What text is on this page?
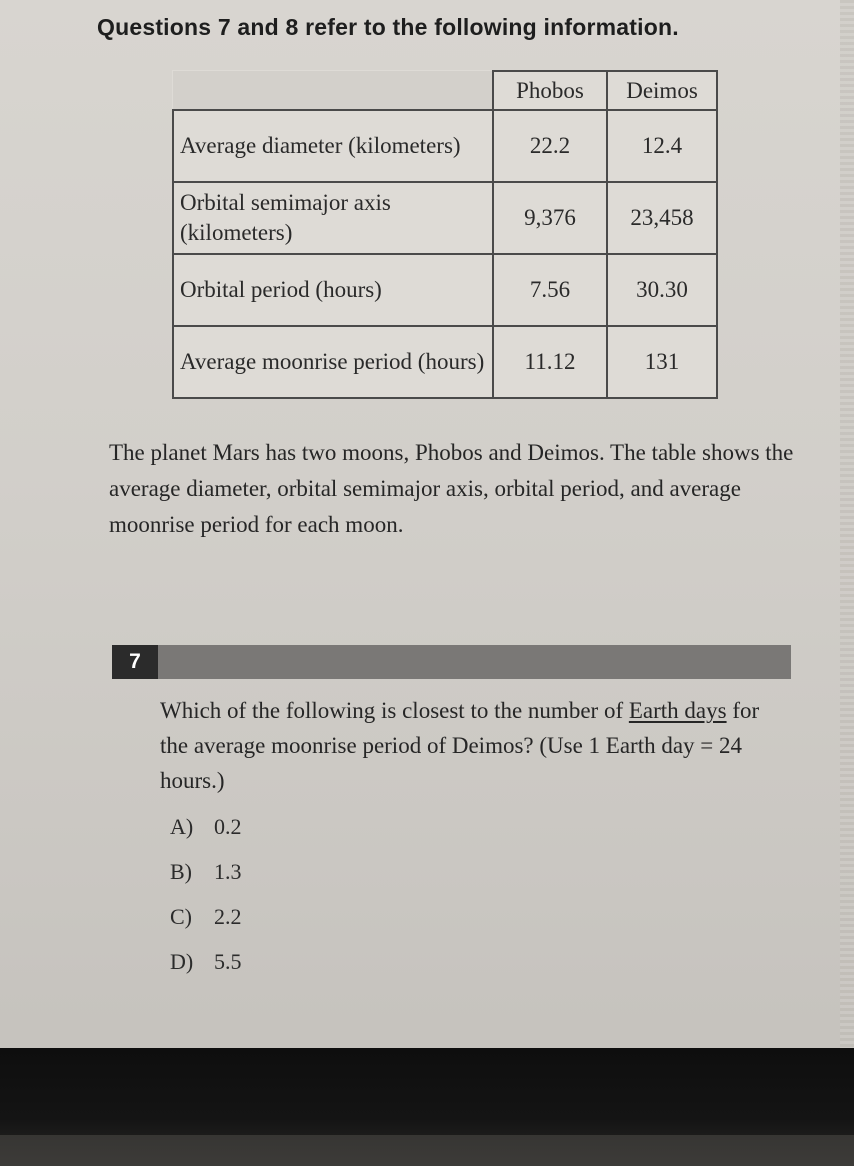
Questions 7 and 8 refer to the following information.
	Phobos	Deimos
Average diameter (kilometers)	22.2	12.4
Orbital semimajor axis (kilometers)	9,376	23,458
Orbital period (hours)	7.56	30.30
Average moonrise period (hours)	11.12	131
The planet Mars has two moons, Phobos and Deimos. The table shows the average diameter, orbital semimajor axis, orbital period, and average moonrise period for each moon.
7
Which of the following is closest to the number of Earth days for the average moonrise period of Deimos? (Use 1 Earth day = 24 hours.)
A) 0.2
B)	1.3
C)	2.2
D) 5.5
